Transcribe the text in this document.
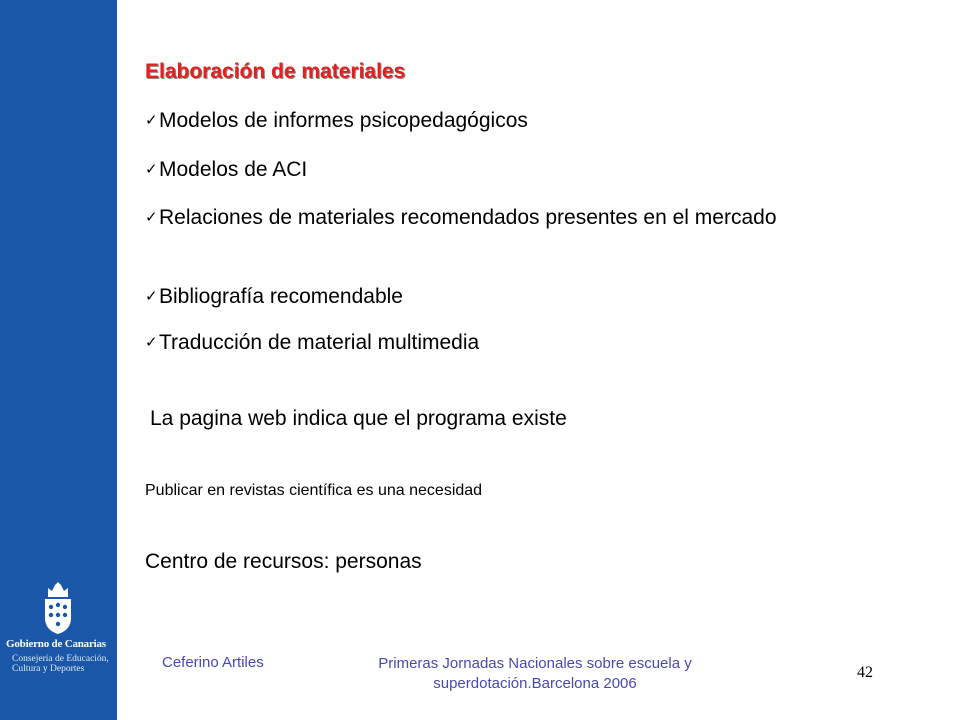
Gobierno de Canarias
Consejería de Educación,
Cultura y Deportes
Elaboración de materiales
✓Modelos de informes psicopedagógicos
✓Modelos de ACI
✓Relaciones de materiales recomendados presentes en el mercado
✓Bibliografía recomendable
✓Traducción de material multimedia
La pagina web indica que el programa existe
Publicar en revistas científica es una necesidad
Centro de recursos: personas
Ceferino Artiles	Primeras Jornadas Nacionales sobre escuela y superdotación.Barcelona 2006
42
